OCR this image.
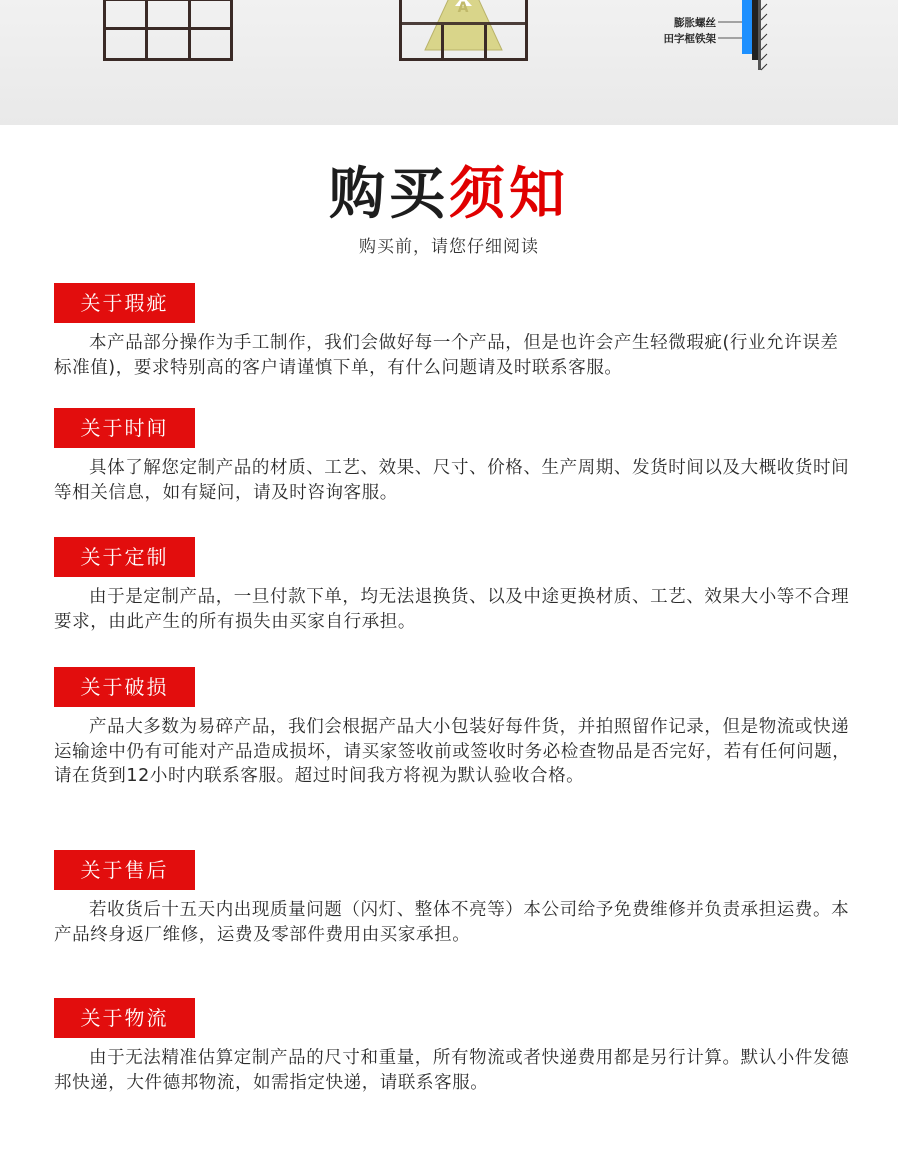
A
膨胀螺丝
田字框铁架
购买须知
购买前，请您仔细阅读
关于瑕疵
本产品部分操作为手工制作，我们会做好每一个产品，但是也许会产生轻微瑕疵(行业允许误差标准值)，要求特别高的客户请谨慎下单，有什么问题请及时联系客服。
关于时间
具体了解您定制产品的材质、工艺、效果、尺寸、价格、生产周期、发货时间以及大概收货时间等相关信息，如有疑问，请及时咨询客服。
关于定制
由于是定制产品，一旦付款下单，均无法退换货、以及中途更换材质、工艺、效果大小等不合理要求，由此产生的所有损失由买家自行承担。
关于破损
产品大多数为易碎产品，我们会根据产品大小包装好每件货，并拍照留作记录，但是物流或快递运输途中仍有可能对产品造成损坏，请买家签收前或签收时务必检查物品是否完好，若有任何问题，请在货到12小时内联系客服。超过时间我方将视为默认验收合格。
关于售后
若收货后十五天内出现质量问题（闪灯、整体不亮等）本公司给予免费维修并负责承担运费。本产品终身返厂维修，运费及零部件费用由买家承担。
关于物流
由于无法精准估算定制产品的尺寸和重量，所有物流或者快递费用都是另行计算。默认小件发德邦快递，大件德邦物流，如需指定快递，请联系客服。
